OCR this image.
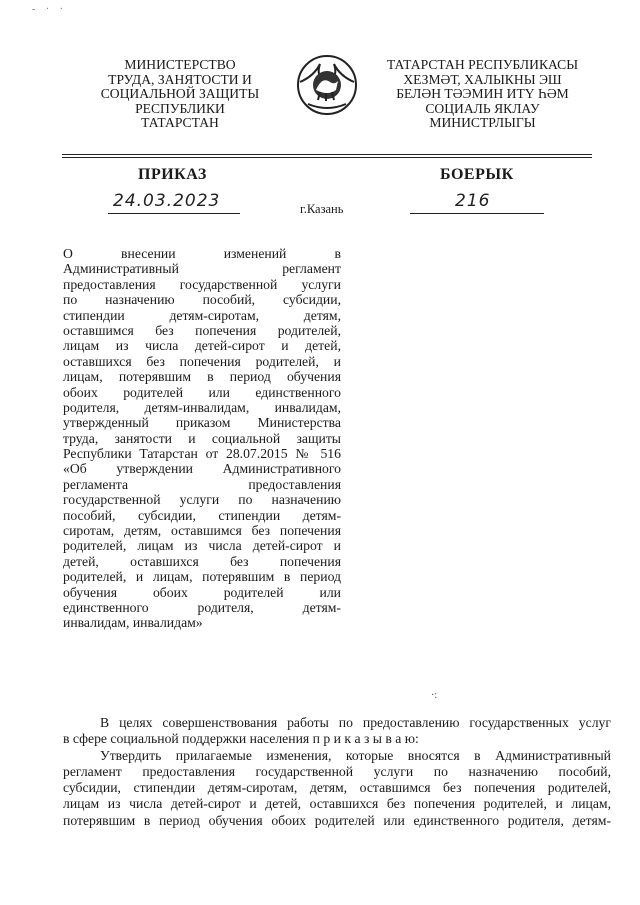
- · ·
МИНИСТЕРСТВО
ТРУДА, ЗАНЯТОСТИ И
СОЦИАЛЬНОЙ ЗАЩИТЫ
РЕСПУБЛИКИ
ТАТАРСТАН
ТАТАРСТАН РЕСПУБЛИКАСЫ
ХЕЗМӘТ, ХАЛЫКНЫ ЭШ
БЕЛӘН ТӘЭМИН ИТҮ ҺӘМ
СОЦИАЛЬ ЯКЛАУ
МИНИСТРЛЫГЫ
ПРИКАЗ	БОЕРЫК
24.03.2023	г.Казань	216
О внесении изменений в
Административный регламент
предоставления государственной услуги
по назначению пособий, субсидии,
стипендии детям-сиротам, детям,
оставшимся без попечения родителей,
лицам из числа детей-сирот и детей,
оставшихся без попечения родителей, и
лицам, потерявшим в период обучения
обоих родителей или единственного
родителя, детям-инвалидам, инвалидам,
утвержденный приказом Министерства
труда, занятости и социальной защиты
Республики Татарстан от 28.07.2015 № 516
«Об утверждении Административного
регламента предоставления
государственной услуги по назначению
пособий, субсидии, стипендии детям-
сиротам, детям, оставшимся без попечения
родителей, лицам из числа детей-сирот и
детей, оставшихся без попечения
родителей, и лицам, потерявшим в период
обучения обоих родителей или
единственного родителя, детям-
инвалидам, инвалидам»
·:
В целях совершенствования работы по предоставлению государственных услуг
в сфере социальной поддержки населения п р и к а з ы в а ю:
Утвердить прилагаемые изменения, которые вносятся в Административный
регламент предоставления государственной услуги по назначению пособий,
субсидии, стипендии детям-сиротам, детям, оставшимся без попечения родителей,
лицам из числа детей-сирот и детей, оставшихся без попечения родителей, и лицам,
потерявшим в период обучения обоих родителей или единственного родителя, детям-
